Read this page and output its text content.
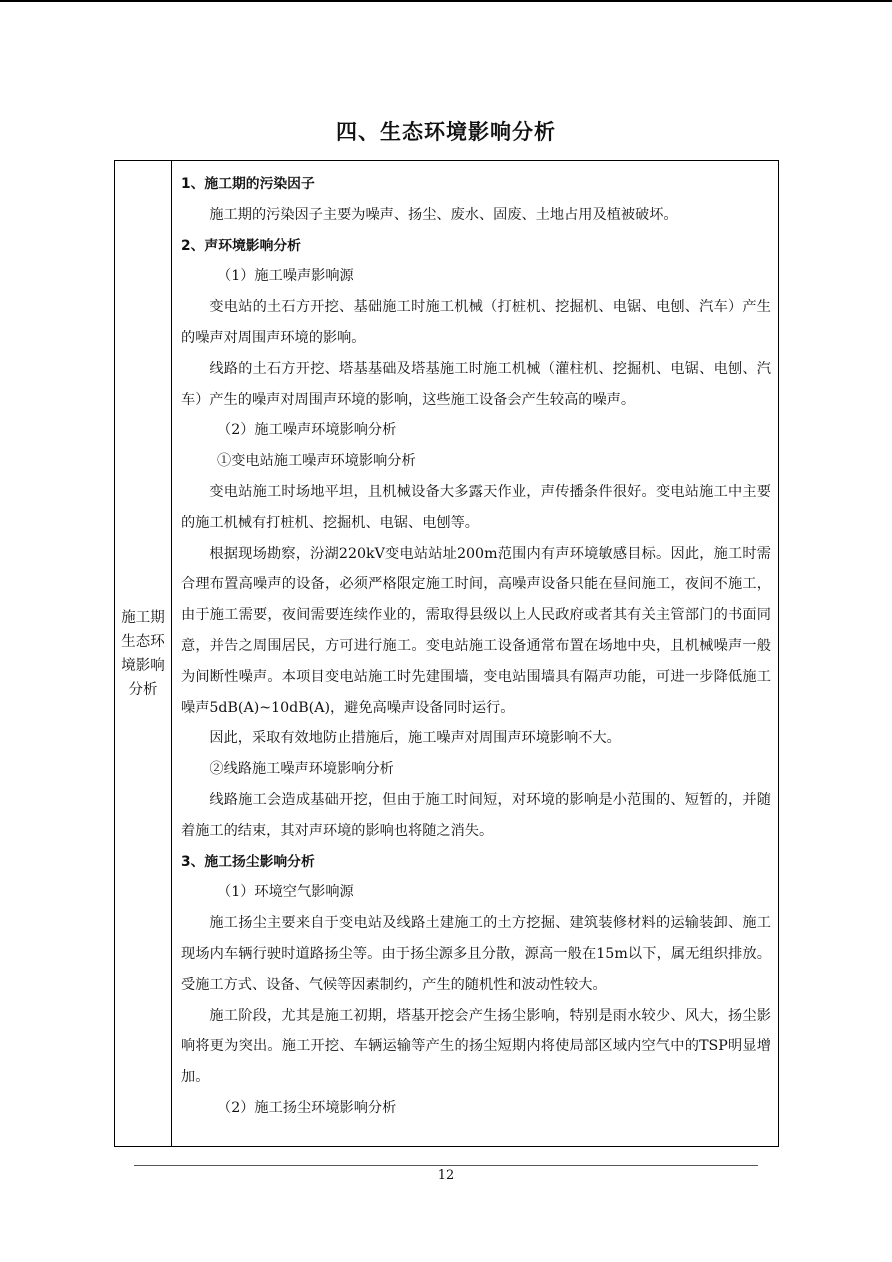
四、生态环境影响分析
施工期生态环境影响分析

1、施工期的污染因子

施工期的污染因子主要为噪声、扬尘、废水、固废、土地占用及植被破坏。

2、声环境影响分析

（1）施工噪声影响源

变电站的土石方开挖、基础施工时施工机械（打桩机、挖掘机、电锯、电刨、汽车）产生的噪声对周围声环境的影响。

线路的土石方开挖、塔基基础及塔基施工时施工机械（灌柱机、挖掘机、电锯、电刨、汽车）产生的噪声对周围声环境的影响，这些施工设备会产生较高的噪声。

（2）施工噪声环境影响分析

①变电站施工噪声环境影响分析

变电站施工时场地平坦，且机械设备大多露天作业，声传播条件很好。变电站施工中主要的施工机械有打桩机、挖掘机、电锯、电刨等。

根据现场勘察，汾湖220kV变电站站址200m范围内有声环境敏感目标。因此，施工时需合理布置高噪声的设备，必须严格限定施工时间，高噪声设备只能在昼间施工，夜间不施工，由于施工需要，夜间需要连续作业的，需取得县级以上人民政府或者其有关主管部门的书面同意，并告之周围居民，方可进行施工。变电站施工设备通常布置在场地中央，且机械噪声一般为间断性噪声。本项目变电站施工时先建围墙，变电站围墙具有隔声功能，可进一步降低施工噪声5dB(A)~10dB(A)，避免高噪声设备同时运行。

因此，采取有效地防止措施后，施工噪声对周围声环境影响不大。

②线路施工噪声环境影响分析

线路施工会造成基础开挖，但由于施工时间短，对环境的影响是小范围的、短暂的，并随着施工的结束，其对声环境的影响也将随之消失。

3、施工扬尘影响分析

（1）环境空气影响源

施工扬尘主要来自于变电站及线路土建施工的土方挖掘、建筑装修材料的运输装卸、施工现场内车辆行驶时道路扬尘等。由于扬尘源多且分散，源高一般在15m以下，属无组织排放。受施工方式、设备、气候等因素制约，产生的随机性和波动性较大。

施工阶段，尤其是施工初期，塔基开挖会产生扬尘影响，特别是雨水较少、风大，扬尘影响将更为突出。施工开挖、车辆运输等产生的扬尘短期内将使局部区域内空气中的TSP明显增加。

（2）施工扬尘环境影响分析

12
